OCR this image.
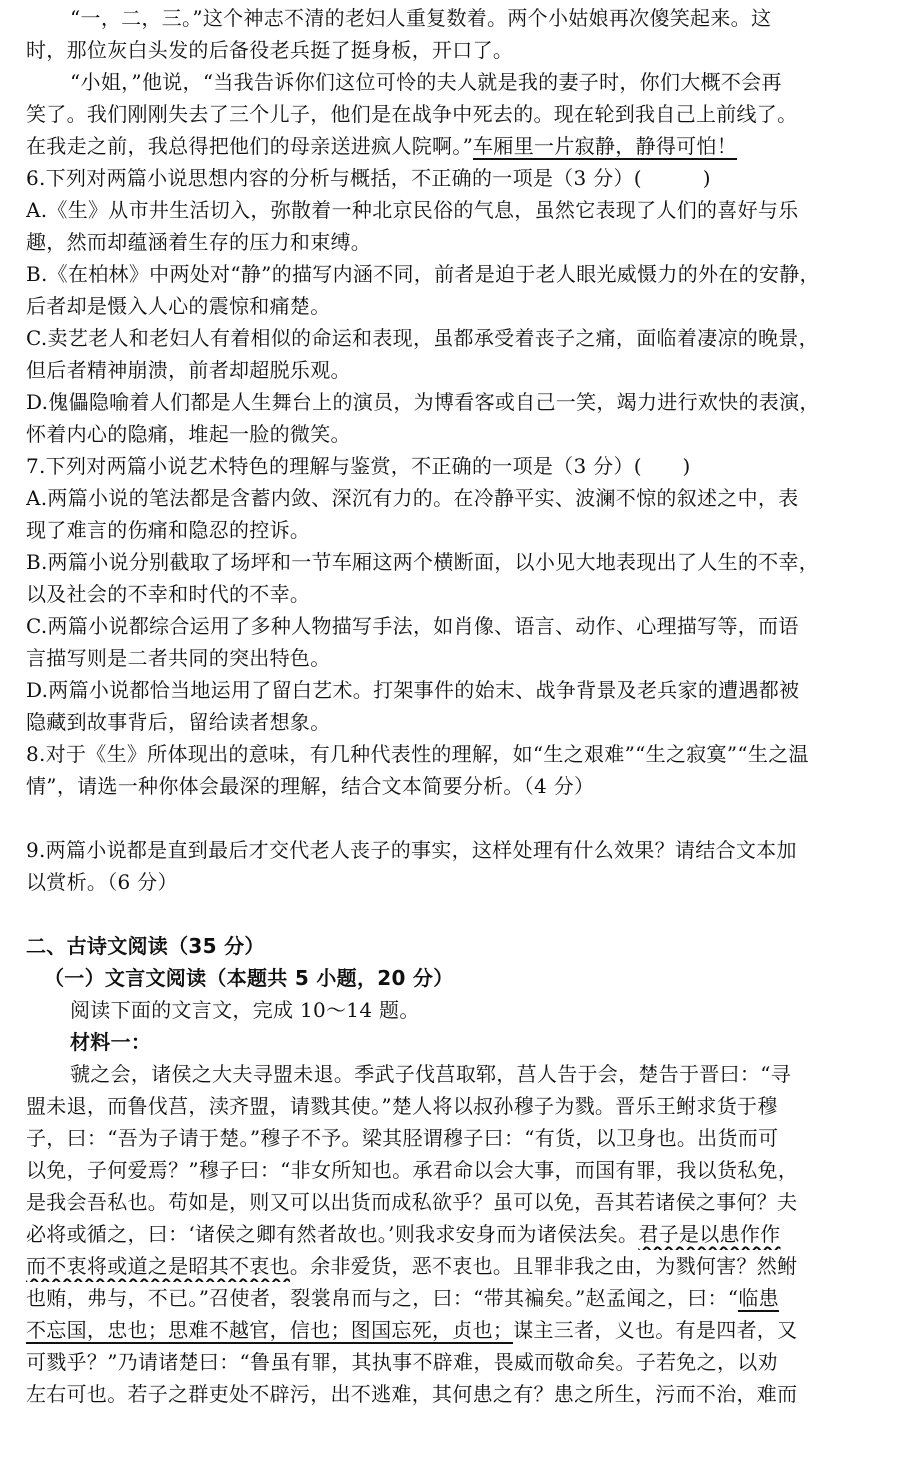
“一，二，三。”这个神志不清的老妇人重复数着。两个小姑娘再次傻笑起来。这
时，那位灰白头发的后备役老兵挺了挺身板，开口了。
“小姐，”他说，“当我告诉你们这位可怜的夫人就是我的妻子时，你们大概不会再
笑了。我们刚刚失去了三个儿子，他们是在战争中死去的。现在轮到我自己上前线了。
在我走之前，我总得把他们的母亲送进疯人院啊。”车厢里一片寂静，静得可怕！
6.下列对两篇小说思想内容的分析与概括，不正确的一项是（3 分）(　　　)
A.《生》从市井生活切入，弥散着一种北京民俗的气息，虽然它表现了人们的喜好与乐
趣，然而却蕴涵着生存的压力和束缚。
B.《在柏林》中两处对“静”的描写内涵不同，前者是迫于老人眼光威慑力的外在的安静，
后者却是慑入人心的震惊和痛楚。
C.卖艺老人和老妇人有着相似的命运和表现，虽都承受着丧子之痛，面临着凄凉的晚景，
但后者精神崩溃，前者却超脱乐观。
D.傀儡隐喻着人们都是人生舞台上的演员，为博看客或自己一笑，竭力进行欢快的表演，
怀着内心的隐痛，堆起一脸的微笑。
7.下列对两篇小说艺术特色的理解与鉴赏，不正确的一项是（3 分）(　　)
A.两篇小说的笔法都是含蓄内敛、深沉有力的。在冷静平实、波澜不惊的叙述之中，表
现了难言的伤痛和隐忍的控诉。
B.两篇小说分别截取了场坪和一节车厢这两个横断面，以小见大地表现出了人生的不幸，
以及社会的不幸和时代的不幸。
C.两篇小说都综合运用了多种人物描写手法，如肖像、语言、动作、心理描写等，而语
言描写则是二者共同的突出特色。
D.两篇小说都恰当地运用了留白艺术。打架事件的始末、战争背景及老兵家的遭遇都被
隐藏到故事背后，留给读者想象。
8.对于《生》所体现出的意味，有几种代表性的理解，如“生之艰难”“生之寂寞”“生之温
情”，请选一种你体会最深的理解，结合文本简要分析。（4 分）
9.两篇小说都是直到最后才交代老人丧子的事实，这样处理有什么效果？请结合文本加
以赏析。（6 分）
二、古诗文阅读（35 分）
（一）文言文阅读（本题共 5 小题，20 分）
阅读下面的文言文，完成 10～14 题。
材料一：
虢之会，诸侯之大夫寻盟未退。季武子伐莒取郓，莒人告于会，楚告于晋曰：“寻
盟未退，而鲁伐莒，渎齐盟，请戮其使。”楚人将以叔孙穆子为戮。晋乐王鲋求货于穆
子，曰：“吾为子请于楚。”穆子不予。梁其胫谓穆子曰：“有货，以卫身也。出货而可
以免，子何爱焉？”穆子曰：“非女所知也。承君命以会大事，而国有罪，我以货私免，
是我会吾私也。苟如是，则又可以出货而成私欲乎？虽可以免，吾其若诸侯之事何？夫
必将或循之，曰：‘诸侯之卿有然者故也。’则我求安身而为诸侯法矣。君子是以患作作
而不衷将或道之是昭其不衷也。余非爱货，恶不衷也。且罪非我之由，为戮何害？然鲋
也贿，弗与，不已。”召使者，裂裳帛而与之，曰：“带其褊矣。”赵孟闻之，曰：“临患
不忘国，忠也；思难不越官，信也；图国忘死，贞也；谋主三者，义也。有是四者，又
可戮乎？”乃请诸楚曰：“鲁虽有罪，其执事不辟难，畏威而敬命矣。子若免之，以劝
左右可也。若子之群吏处不辟污，出不逃难，其何患之有？患之所生，污而不治，难而
